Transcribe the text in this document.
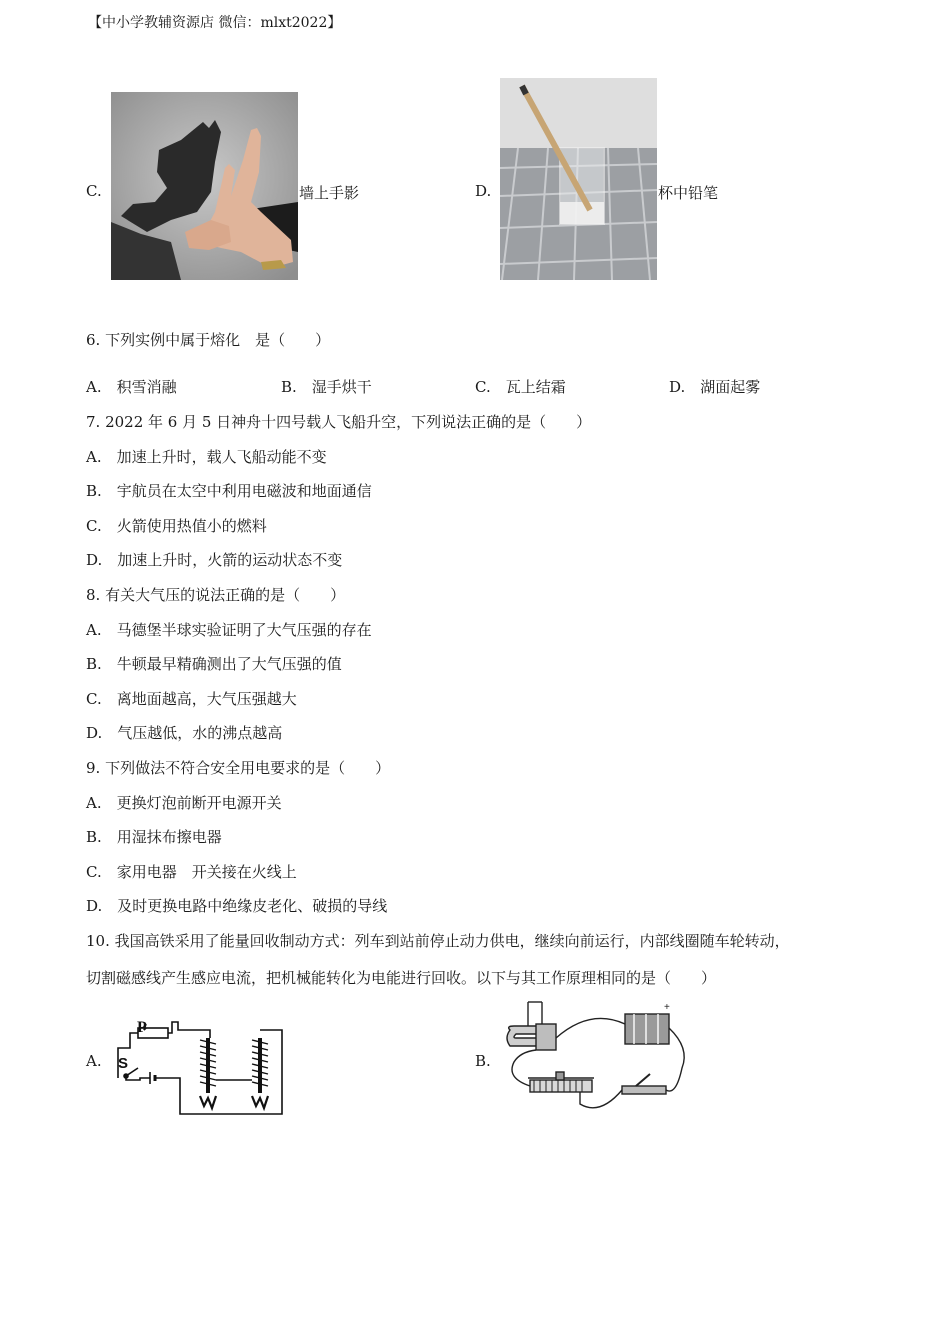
【中小学教辅资源店 微信：mlxt2022】
C.	墙上手影	D.	杯中铅笔
6. 下列实例中属于熔化　是（　　）
A.　积雪消融	B.　湿手烘干	C.　瓦上结霜	D.　湖面起雾
7. 2022 年 6 月 5 日神舟十四号载人飞船升空，下列说法正确的是（　　）
A.　加速上升时，载人飞船动能不变
B.　宇航员在太空中利用电磁波和地面通信
C.　火箭使用热值小的燃料
D.　加速上升时，火箭的运动状态不变
8. 有关大气压的说法正确的是（　　）
A.　马德堡半球实验证明了大气压强的存在
B.　牛顿最早精确测出了大气压强的值
C.　离地面越高，大气压强越大
D.　气压越低，水的沸点越高
9. 下列做法不符合安全用电要求的是（　　）
A.　更换灯泡前断开电源开关
B.　用湿抹布擦电器
C.　家用电器　开关接在火线上
D.　及时更换电路中绝缘皮老化、破损的导线
10. 我国高铁采用了能量回收制动方式：列车到站前停止动力供电，继续向前运行，内部线圈随车轮转动，
切割磁感线产生感应电流，把机械能转化为电能进行回收。以下与其工作原理相同的是（　　）
A.
P
S	B.
+
